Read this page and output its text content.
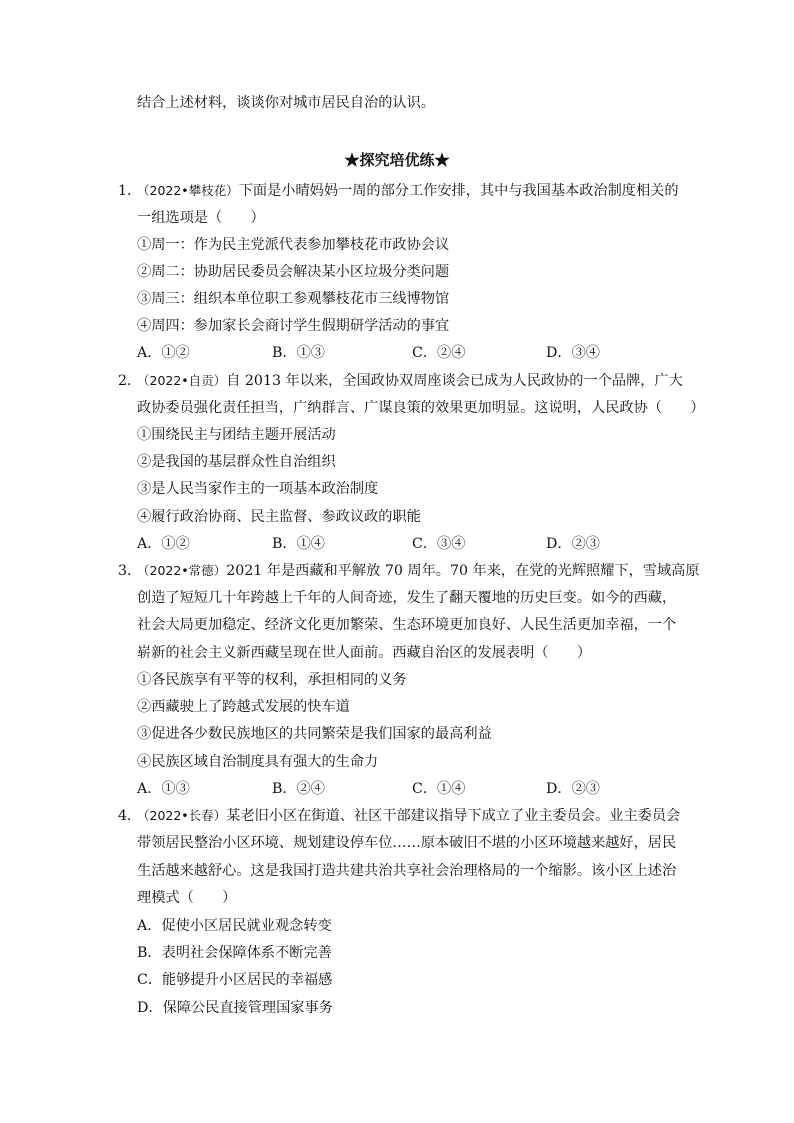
结合上述材料，谈谈你对城市居民自治的认识。
★探究培优练★
1．
（2022•攀枝花）下面是小晴妈妈一周的部分工作安排，其中与我国基本政治制度相关的
一组选项是（　　）
①周一：作为民主党派代表参加攀枝花市政协会议
②周二：协助居民委员会解决某小区垃圾分类问题
③周三：组织本单位职工参观攀枝花市三线博物馆
④周四：参加家长会商讨学生假期研学活动的事宜
A．①②	B．①③	C．②④	D．③④
2．
（2022•自贡）自 2013 年以来，全国政协双周座谈会已成为人民政协的一个品牌，广大
政协委员强化责任担当，广纳群言、广谋良策的效果更加明显。这说明，人民政协（　　）
①围绕民主与团结主题开展活动
②是我国的基层群众性自治组织
③是人民当家作主的一项基本政治制度
④履行政治协商、民主监督、参政议政的职能
A．①②	B．①④	C．③④	D．②③
3．
（2022•常德）2021 年是西藏和平解放 70 周年。70 年来，在党的光辉照耀下，雪域高原
创造了短短几十年跨越上千年的人间奇迹，发生了翻天覆地的历史巨变。如今的西藏，
社会大局更加稳定、经济文化更加繁荣、生态环境更加良好、人民生活更加幸福，一个
崭新的社会主义新西藏呈现在世人面前。西藏自治区的发展表明（　　）
①各民族享有平等的权利，承担相同的义务
②西藏驶上了跨越式发展的快车道
③促进各少数民族地区的共同繁荣是我们国家的最高利益
④民族区域自治制度具有强大的生命力
A．①③	B．②④	C．①④	D．②③
4．
（2022•长春）某老旧小区在街道、社区干部建议指导下成立了业主委员会。业主委员会
带领居民整治小区环境、规划建设停车位……原本破旧不堪的小区环境越来越好，居民
生活越来越舒心。这是我国打造共建共治共享社会治理格局的一个缩影。该小区上述治
理模式（　　）
A．促使小区居民就业观念转变
B．表明社会保障体系不断完善
C．能够提升小区居民的幸福感
D．保障公民直接管理国家事务
